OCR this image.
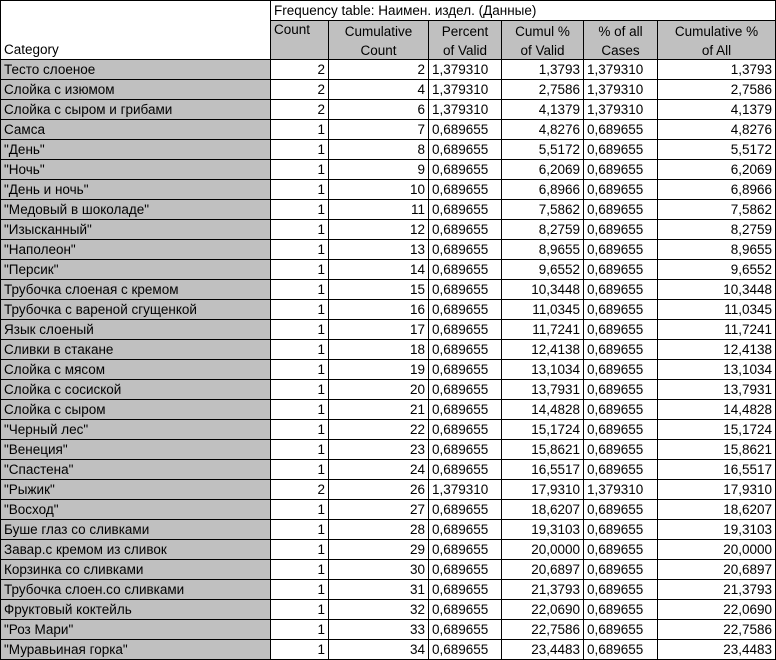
Category	Frequency table: Наимен. издел. (Данные)					
	Count	Cumulative	Percent	Cumul %	% of all	Cumulative %
		Count	of Valid	of Valid	Cases	of All
Тесто слоеное	2	2	1,379310	1,3793	1,379310	1,3793
Слойка с изюмом	2	4	1,379310	2,7586	1,379310	2,7586
Слойка с сыром и грибами	2	6	1,379310	4,1379	1,379310	4,1379
Самса	1	7	0,689655	4,8276	0,689655	4,8276
"День"	1	8	0,689655	5,5172	0,689655	5,5172
"Ночь"	1	9	0,689655	6,2069	0,689655	6,2069
"День и ночь"	1	10	0,689655	6,8966	0,689655	6,8966
"Медовый в шоколаде"	1	11	0,689655	7,5862	0,689655	7,5862
"Изысканный"	1	12	0,689655	8,2759	0,689655	8,2759
"Наполеон"	1	13	0,689655	8,9655	0,689655	8,9655
"Персик"	1	14	0,689655	9,6552	0,689655	9,6552
Трубочка слоеная с кремом	1	15	0,689655	10,3448	0,689655	10,3448
Трубочка с вареной сгущенкой	1	16	0,689655	11,0345	0,689655	11,0345
Язык слоеный	1	17	0,689655	11,7241	0,689655	11,7241
Сливки в стакане	1	18	0,689655	12,4138	0,689655	12,4138
Слойка с мясом	1	19	0,689655	13,1034	0,689655	13,1034
Слойка с сосиской	1	20	0,689655	13,7931	0,689655	13,7931
Слойка с сыром	1	21	0,689655	14,4828	0,689655	14,4828
"Черный лес"	1	22	0,689655	15,1724	0,689655	15,1724
"Венеция"	1	23	0,689655	15,8621	0,689655	15,8621
"Спастена"	1	24	0,689655	16,5517	0,689655	16,5517
"Рыжик"	2	26	1,379310	17,9310	1,379310	17,9310
"Восход"	1	27	0,689655	18,6207	0,689655	18,6207
Буше глаз со сливками	1	28	0,689655	19,3103	0,689655	19,3103
Завар.с кремом из сливок	1	29	0,689655	20,0000	0,689655	20,0000
Корзинка со сливками	1	30	0,689655	20,6897	0,689655	20,6897
Трубочка слоен.со сливками	1	31	0,689655	21,3793	0,689655	21,3793
Фруктовый коктейль	1	32	0,689655	22,0690	0,689655	22,0690
"Роз Мари"	1	33	0,689655	22,7586	0,689655	22,7586
"Муравьиная горка"	1	34	0,689655	23,4483	0,689655	23,4483
